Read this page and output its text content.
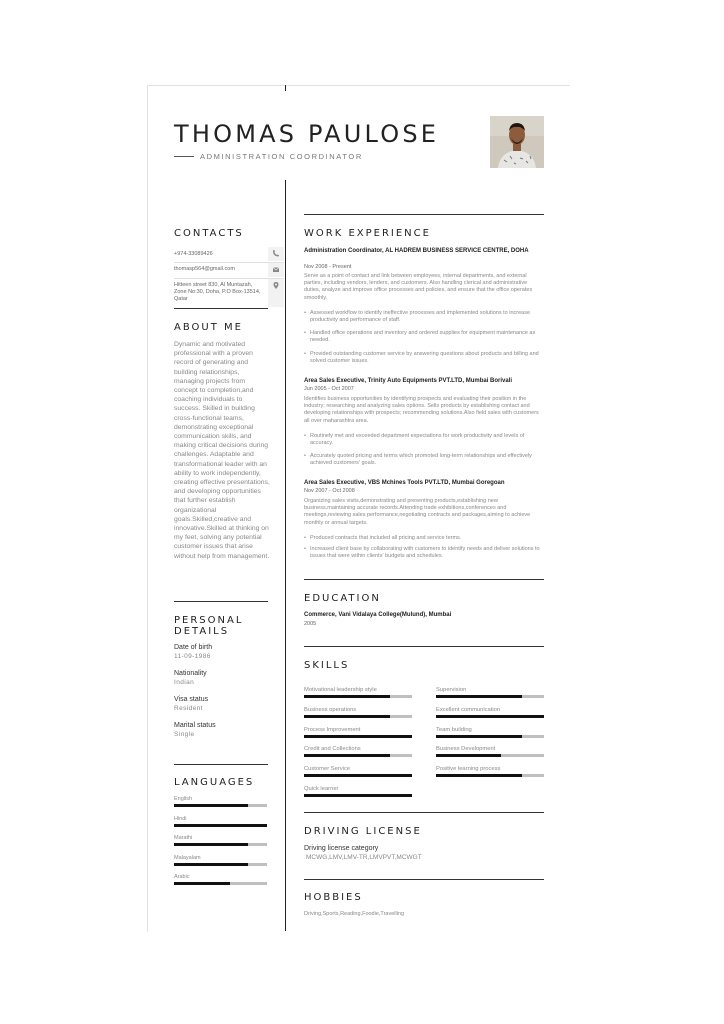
THOMAS PAULOSE
ADMINISTRATION COORDINATOR
CONTACTS
+974-33089426
thomasp564@gmail.com
Hitteen street 830, Al Muntazah, Zone No:30, Doha, P.O Box-13514, Qatar
ABOUT ME
Dynamic and motivated professional with a proven record of generating and building relationships, managing projects from concept to completion,and coaching individuals to success. Skilled in building cross-functional teams, demonstrating exceptional communication skills, and making critical decisions during challenges. Adaptable and transformational leader with an ability to work independently, creating effective presentations, and developing opportunities that further establish organizational goals.Skilled,creative and innovative.Skilled at thinking on my feet, solving any potential customer issues that arise without help from management.
PERSONAL DETAILS
Date of birth
11-09-1986
Nationality
Indian
Visa status
Resident
Marital status
Single
LANGUAGES
English
Hindi
Marathi
Malayalam
Arabic
WORK EXPERIENCE
Administration Coordinator, AL HADREM BUSINESS SERVICE CENTRE, DOHA
Nov 2008 - Present
Serve as a point of contact and link between employees, internal departments, and external parties, including vendors, lenders, and customers. Also handling clerical and administrative duties, analyze and improve office processes and policies, and ensure that the office operates smoothly.
• Assessed workflow to identify ineffective processes and implemented solutions to increase productivity and performance of staff.
• Handled office operations and inventory and ordered supplies for equipment maintenance as needed.
• Provided outstanding customer service by answering questions about products and billing and solved customer issues.
Area Sales Executive, Trinity Auto Equipments PVT.LTD, Mumbai Borivali
Jun 2005 - Oct 2007
Identifies business opportunities by identifying prospects and evaluating their position in the industry; researching and analyzing sales options. Sells products by establishing contact and developing relationships with prospects; recommending solutions.Also field sales with customers all over maharashtra area.
• Routinely met and exceeded department expectations for work productivity and levels of accuracy.
• Accurately quoted pricing and terms which promoted long-term relationships and effectively achieved customers' goals.
Area Sales Executive, VBS Mchines Tools PVT.LTD, Mumbai Goregoan
Nov 2007 - Oct 2008
Organizing sales visits,demonstrating and presenting products,establishing new business,maintaining accurate records.Attending trade exhibitions,conferences and meetings,reviewing sales performance,negotiating contracts and packages,aiming to achieve monthly or annual targets.
• Produced contracts that included all pricing and service terms.
• Increased client base by collaborating with customers to identify needs and deliver solutions to issues that were within clients' budgets and schedules.
EDUCATION
Commerce, Vani Vidalaya College(Mulund), Mumbai
2005
SKILLS
Motivational leadership style
Business operations
Process Improvement
Credit and Collections
Customer Service
Quick learner
Supervision
Excellent communication
Team building
Business Development
Positive learning process
DRIVING LICENSE
Driving license category
MCWG,LMV,LMV-TR,LMVPVT,MCWGT
HOBBIES
Driving,Sports,Reading,Foodie,Travelling
